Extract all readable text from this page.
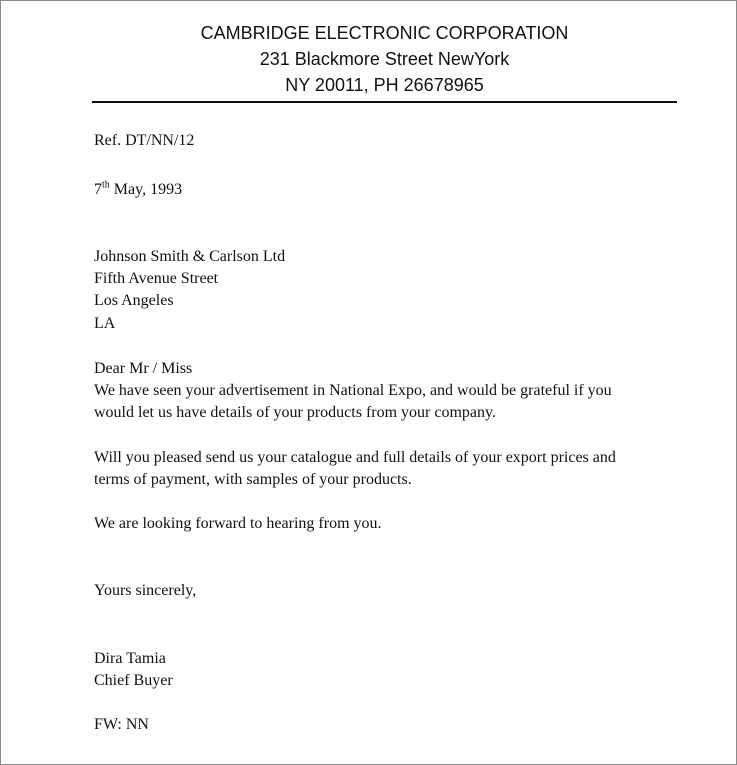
CAMBRIDGE ELECTRONIC CORPORATION
231 Blackmore Street NewYork
NY 20011, PH 26678965
Ref. DT/NN/12
7th May, 1993
Johnson Smith & Carlson Ltd
Fifth Avenue Street
Los Angeles
LA
Dear Mr / Miss
We have seen your advertisement in National Expo, and would be grateful if you
would let us have details of your products from your company.
Will you pleased send us your catalogue and full details of your export prices and
terms of payment, with samples of your products.
We are looking forward to hearing from you.
Yours sincerely,
Dira Tamia
Chief Buyer
FW: NN
